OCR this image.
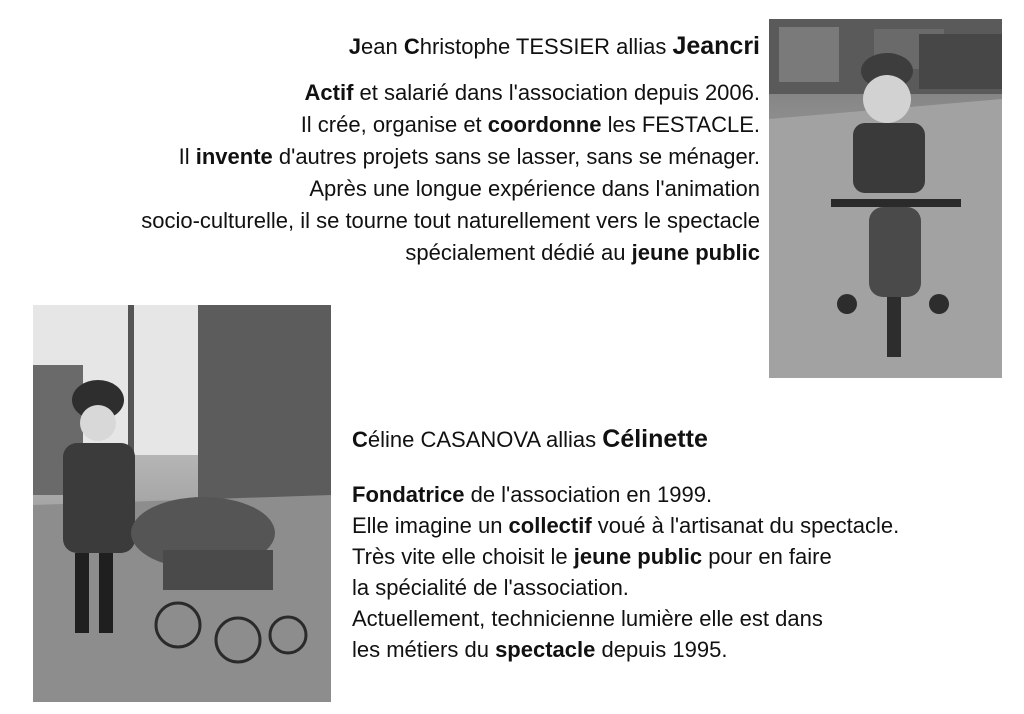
Jean Christophe TESSIER allias Jeancri
Actif et salarié dans l'association depuis 2006.
Il crée, organise et coordonne les FESTACLE.
Il invente d'autres projets sans se lasser, sans se ménager.
Après une longue expérience dans l'animation
socio-culturelle, il se tourne tout naturellement vers le spectacle
spécialement dédié au jeune public
Céline CASANOVA allias Célinette
Fondatrice de l'association en 1999.
Elle imagine un collectif voué à l'artisanat du spectacle.
Très vite elle choisit le jeune public pour en faire
la spécialité de l'association.
Actuellement, technicienne lumière elle est dans
les métiers du spectacle depuis 1995.
